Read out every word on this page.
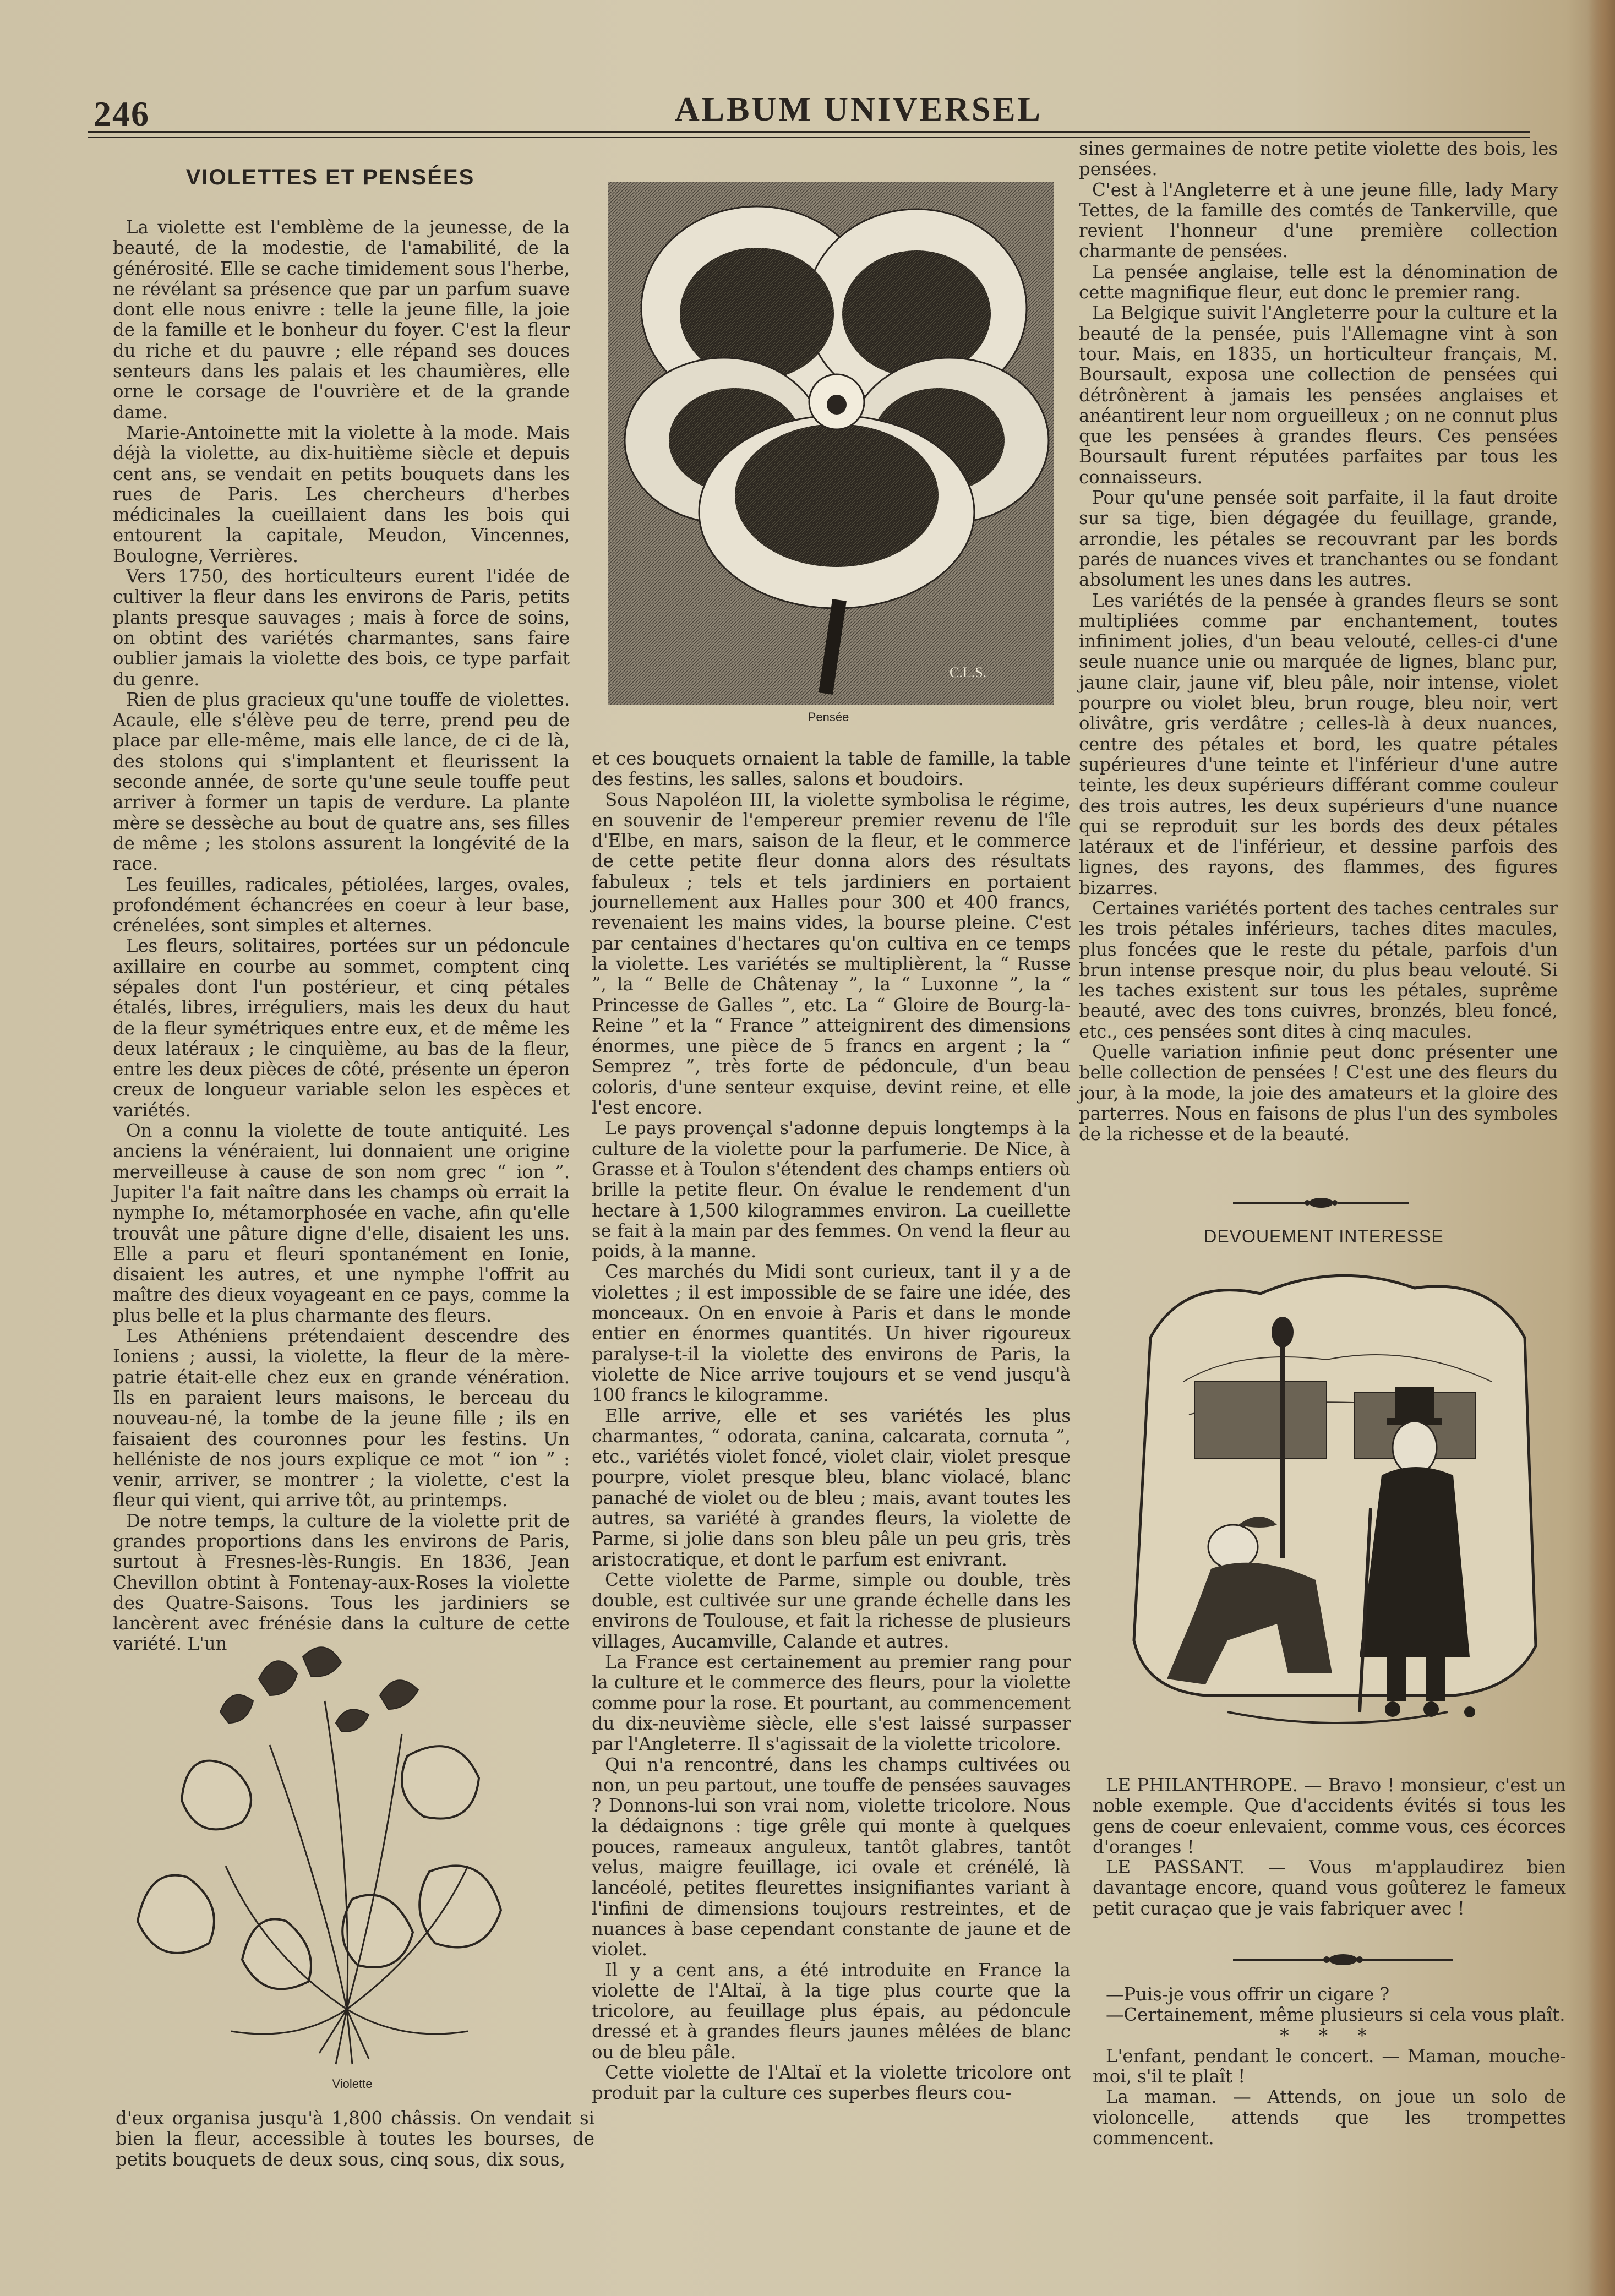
246	ALBUM UNIVERSEL
VIOLETTES ET PENSÉES

La violette est l'emblème de la jeunesse, de la beauté, de la modestie, de l'amabilité, de la générosité. Elle se cache timidement sous l'herbe, ne révélant sa présence que par un parfum suave dont elle nous enivre : telle la jeune fille, la joie de la famille et le bonheur du foyer. C'est la fleur du riche et du pauvre ; elle répand ses douces senteurs dans les palais et les chaumières, elle orne le corsage de l'ouvrière et de la grande dame.

Marie-Antoinette mit la violette à la mode. Mais déjà la violette, au dix-huitième siècle et depuis cent ans, se vendait en petits bouquets dans les rues de Paris. Les chercheurs d'herbes médicinales la cueillaient dans les bois qui entourent la capitale, Meudon, Vincennes, Boulogne, Verrières.

Vers 1750, des horticulteurs eurent l'idée de cultiver la fleur dans les environs de Paris, petits plants presque sauvages ; mais à force de soins, on obtint des variétés charmantes, sans faire oublier jamais la violette des bois, ce type parfait du genre.

Rien de plus gracieux qu'une touffe de violettes. Acaule, elle s'élève peu de terre, prend peu de place par elle-même, mais elle lance, de ci de là, des stolons qui s'implantent et fleurissent la seconde année, de sorte qu'une seule touffe peut arriver à former un tapis de verdure. La plante mère se dessèche au bout de quatre ans, ses filles de même ; les stolons assurent la longévité de la race.

Les feuilles, radicales, pétiolées, larges, ovales, profondément échancrées en coeur à leur base, crénelées, sont simples et alternes.

Les fleurs, solitaires, portées sur un pédoncule axillaire en courbe au sommet, comptent cinq sépales dont l'un postérieur, et cinq pétales étalés, libres, irréguliers, mais les deux du haut de la fleur symétriques entre eux, et de même les deux latéraux ; le cinquième, au bas de la fleur, entre les deux pièces de côté, présente un éperon creux de longueur variable selon les espèces et variétés.

On a connu la violette de toute antiquité. Les anciens la vénéraient, lui donnaient une origine merveilleuse à cause de son nom grec “ ion ”. Jupiter l'a fait naître dans les champs où errait la nymphe Io, métamorphosée en vache, afin qu'elle trouvât une pâture digne d'elle, disaient les uns. Elle a paru et fleuri spontanément en Ionie, disaient les autres, et une nymphe l'offrit au maître des dieux voyageant en ce pays, comme la plus belle et la plus charmante des fleurs.

Les Athéniens prétendaient descendre des Ioniens ; aussi, la violette, la fleur de la mère-patrie était-elle chez eux en grande vénération. Ils en paraient leurs maisons, le berceau du nouveau-né, la tombe de la jeune fille ; ils en faisaient des couronnes pour les festins. Un helléniste de nos jours explique ce mot “ ion ” : venir, arriver, se montrer ; la violette, c'est la fleur qui vient, qui arrive tôt, au printemps.

De notre temps, la culture de la violette prit de grandes proportions dans les environs de Paris, surtout à Fresnes-lès-Rungis. En 1836, Jean Chevillon obtint à Fontenay-aux-Roses la violette des Quatre-Saisons. Tous les jardiniers se lancèrent avec frénésie dans la culture de cette variété. L'un

C.L.S.
Pensée

et ces bouquets ornaient la table de famille, la table des festins, les salles, salons et boudoirs.

Sous Napoléon III, la violette symbolisa le régime, en souvenir de l'empereur premier revenu de l'île d'Elbe, en mars, saison de la fleur, et le commerce de cette petite fleur donna alors des résultats fabuleux ; tels et tels jardiniers en portaient journellement aux Halles pour 300 et 400 francs, revenaient les mains vides, la bourse pleine. C'est par centaines d'hectares qu'on cultiva en ce temps la violette. Les variétés se multiplièrent, la “ Russe ”, la “ Belle de Châtenay ”, la “ Luxonne ”, la “ Princesse de Galles ”, etc. La “ Gloire de Bourg-la-Reine ” et la “ France ” atteignirent des dimensions énormes, une pièce de 5 francs en argent ; la “ Semprez ”, très forte de pédoncule, d'un beau coloris, d'une senteur exquise, devint reine, et elle l'est encore.

Le pays provençal s'adonne depuis longtemps à la culture de la violette pour la parfumerie. De Nice, à Grasse et à Toulon s'étendent des champs entiers où brille la petite fleur. On évalue le rendement d'un hectare à 1,500 kilogrammes environ. La cueillette se fait à la main par des femmes. On vend la fleur au poids, à la manne.

Ces marchés du Midi sont curieux, tant il y a de violettes ; il est impossible de se faire une idée, des monceaux. On en envoie à Paris et dans le monde entier en énormes quantités. Un hiver rigoureux paralyse-t-il la violette des environs de Paris, la violette de Nice arrive toujours et se vend jusqu'à 100 francs le kilogramme.

Elle arrive, elle et ses variétés les plus charmantes, “ odorata, canina, calcarata, cornuta ”, etc., variétés violet foncé, violet clair, violet presque pourpre, violet presque bleu, blanc violacé, blanc panaché de violet ou de bleu ; mais, avant toutes les autres, sa variété à grandes fleurs, la violette de Parme, si jolie dans son bleu pâle un peu gris, très aristocratique, et dont le parfum est enivrant.

Cette violette de Parme, simple ou double, très double, est cultivée sur une grande échelle dans les environs de Toulouse, et fait la richesse de plusieurs villages, Aucamville, Calande et autres.

La France est certainement au premier rang pour la culture et le commerce des fleurs, pour la violette comme pour la rose. Et pourtant, au commencement du dix-neuvième siècle, elle s'est laissé surpasser par l'Angleterre. Il s'agissait de la violette tricolore.

Qui n'a rencontré, dans les champs cultivées ou non, un peu partout, une touffe de pensées sauvages ? Donnons-lui son vrai nom, violette tricolore. Nous la dédaignons : tige grêle qui monte à quelques pouces, rameaux anguleux, tantôt glabres, tantôt velus, maigre feuillage, ici ovale et crénélé, là lancéolé, petites fleurettes insignifiantes variant à l'infini de dimensions toujours restreintes, et de nuances à base cependant constante de jaune et de violet.

Il y a cent ans, a été introduite en France la violette de l'Altaï, à la tige plus courte que la tricolore, au feuillage plus épais, au pédoncule dressé et à grandes fleurs jaunes mêlées de blanc ou de bleu pâle.

Cette violette de l'Altaï et la violette tricolore ont produit par la culture ces superbes fleurs cou-

Violette

d'eux organisa jusqu'à 1,800 châssis. On vendait si bien la fleur, accessible à toutes les bourses, de petits bouquets de deux sous, cinq sous, dix sous,

sines germaines de notre petite violette des bois, les pensées.

C'est à l'Angleterre et à une jeune fille, lady Mary Tettes, de la famille des comtés de Tankerville, que revient l'honneur d'une première collection charmante de pensées.

La pensée anglaise, telle est la dénomination de cette magnifique fleur, eut donc le premier rang.

La Belgique suivit l'Angleterre pour la culture et la beauté de la pensée, puis l'Allemagne vint à son tour. Mais, en 1835, un horticulteur français, M. Boursault, exposa une collection de pensées qui détrônèrent à jamais les pensées anglaises et anéantirent leur nom orgueilleux ; on ne connut plus que les pensées à grandes fleurs. Ces pensées Boursault furent réputées parfaites par tous les connaisseurs.

Pour qu'une pensée soit parfaite, il la faut droite sur sa tige, bien dégagée du feuillage, grande, arrondie, les pétales se recouvrant par les bords parés de nuances vives et tranchantes ou se fondant absolument les unes dans les autres.

Les variétés de la pensée à grandes fleurs se sont multipliées comme par enchantement, toutes infiniment jolies, d'un beau velouté, celles-ci d'une seule nuance unie ou marquée de lignes, blanc pur, jaune clair, jaune vif, bleu pâle, noir intense, violet pourpre ou violet bleu, brun rouge, bleu noir, vert olivâtre, gris verdâtre ; celles-là à deux nuances, centre des pétales et bord, les quatre pétales supérieures d'une teinte et l'inférieur d'une autre teinte, les deux supérieurs différant comme couleur des trois autres, les deux supérieurs d'une nuance qui se reproduit sur les bords des deux pétales latéraux et de l'inférieur, et dessine parfois des lignes, des rayons, des flammes, des figures bizarres.

Certaines variétés portent des taches centrales sur les trois pétales inférieurs, taches dites macules, plus foncées que le reste du pétale, parfois d'un brun intense presque noir, du plus beau velouté. Si les taches existent sur tous les pétales, suprême beauté, avec des tons cuivres, bronzés, bleu foncé, etc., ces pensées sont dites à cinq macules.

Quelle variation infinie peut donc présenter une belle collection de pensées ! C'est une des fleurs du jour, à la mode, la joie des amateurs et la gloire des parterres. Nous en faisons de plus l'un des symboles de la richesse et de la beauté.

DEVOUEMENT INTERESSE

LE PHILANTHROPE. — Bravo ! monsieur, c'est un noble exemple. Que d'accidents évités si tous les gens de coeur enlevaient, comme vous, ces écorces d'oranges !

LE PASSANT. — Vous m'applaudirez bien davantage encore, quand vous goûterez le fameux petit curaçao que je vais fabriquer avec !

—Puis-je vous offrir un cigare ?

—Certainement, même plusieurs si cela vous plaît.

* * *

L'enfant, pendant le concert. — Maman, mouche-moi, s'il te plaît !

La maman. — Attends, on joue un solo de violoncelle, attends que les trompettes commencent.
